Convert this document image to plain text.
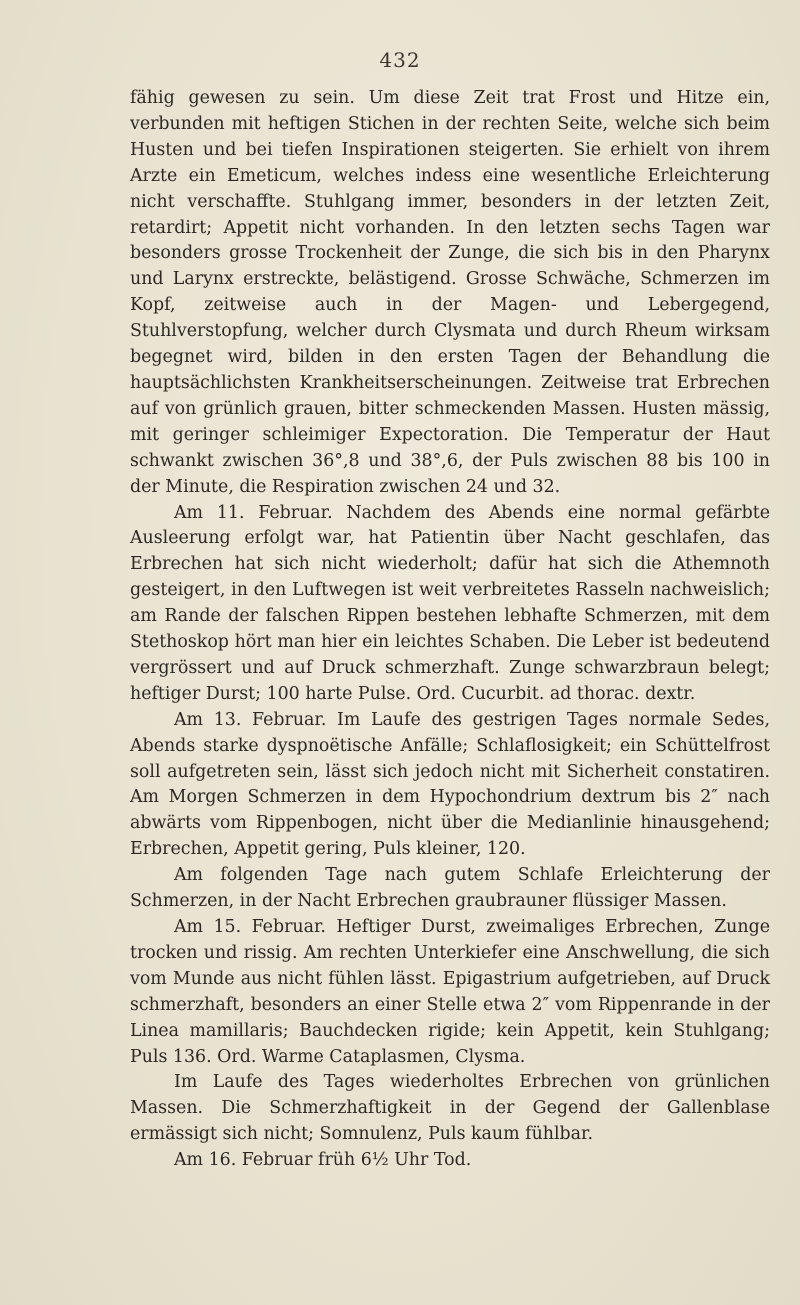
432

fähig gewesen zu sein. Um diese Zeit trat Frost und Hitze ein, verbunden mit heftigen Stichen in der rechten Seite, welche sich beim Husten und bei tiefen Inspirationen steigerten. Sie erhielt von ihrem Arzte ein Emeticum, welches indess eine wesentliche Erleichterung nicht verschaffte. Stuhlgang immer, besonders in der letzten Zeit, retardirt; Appetit nicht vorhanden. In den letzten sechs Tagen war besonders grosse Trockenheit der Zunge, die sich bis in den Pharynx und Larynx erstreckte, belästigend. Grosse Schwäche, Schmerzen im Kopf, zeitweise auch in der Magen- und Lebergegend, Stuhlverstopfung, welcher durch Clysmata und durch Rheum wirksam begegnet wird, bilden in den ersten Tagen der Behandlung die hauptsächlichsten Krankheitserscheinungen. Zeitweise trat Erbrechen auf von grünlich grauen, bitter schmeckenden Massen. Husten mässig, mit geringer schleimiger Expectoration. Die Temperatur der Haut schwankt zwischen 36°,8 und 38°,6, der Puls zwischen 88 bis 100 in der Minute, die Respiration zwischen 24 und 32.

Am 11. Februar. Nachdem des Abends eine normal gefärbte Ausleerung erfolgt war, hat Patientin über Nacht geschlafen, das Erbrechen hat sich nicht wiederholt; dafür hat sich die Athemnoth gesteigert, in den Luftwegen ist weit verbreitetes Rasseln nachweislich; am Rande der falschen Rippen bestehen lebhafte Schmerzen, mit dem Stethoskop hört man hier ein leichtes Schaben. Die Leber ist bedeutend vergrössert und auf Druck schmerzhaft. Zunge schwarzbraun belegt; heftiger Durst; 100 harte Pulse. Ord. Cucurbit. ad thorac. dextr.

Am 13. Februar. Im Laufe des gestrigen Tages normale Sedes, Abends starke dyspnoëtische Anfälle; Schlaflosigkeit; ein Schüttelfrost soll aufgetreten sein, lässt sich jedoch nicht mit Sicherheit constatiren. Am Morgen Schmerzen in dem Hypochondrium dextrum bis 2″ nach abwärts vom Rippenbogen, nicht über die Medianlinie hinausgehend; Erbrechen, Appetit gering, Puls kleiner, 120.

Am folgenden Tage nach gutem Schlafe Erleichterung der Schmerzen, in der Nacht Erbrechen graubrauner flüssiger Massen.

Am 15. Februar. Heftiger Durst, zweimaliges Erbrechen, Zunge trocken und rissig. Am rechten Unterkiefer eine Anschwellung, die sich vom Munde aus nicht fühlen lässt. Epigastrium aufgetrieben, auf Druck schmerzhaft, besonders an einer Stelle etwa 2″ vom Rippenrande in der Linea mamillaris; Bauchdecken rigide; kein Appetit, kein Stuhlgang; Puls 136. Ord. Warme Cataplasmen, Clysma.

Im Laufe des Tages wiederholtes Erbrechen von grünlichen Massen. Die Schmerzhaftigkeit in der Gegend der Gallenblase ermässigt sich nicht; Somnulenz, Puls kaum fühlbar.

Am 16. Februar früh 6½ Uhr Tod.
